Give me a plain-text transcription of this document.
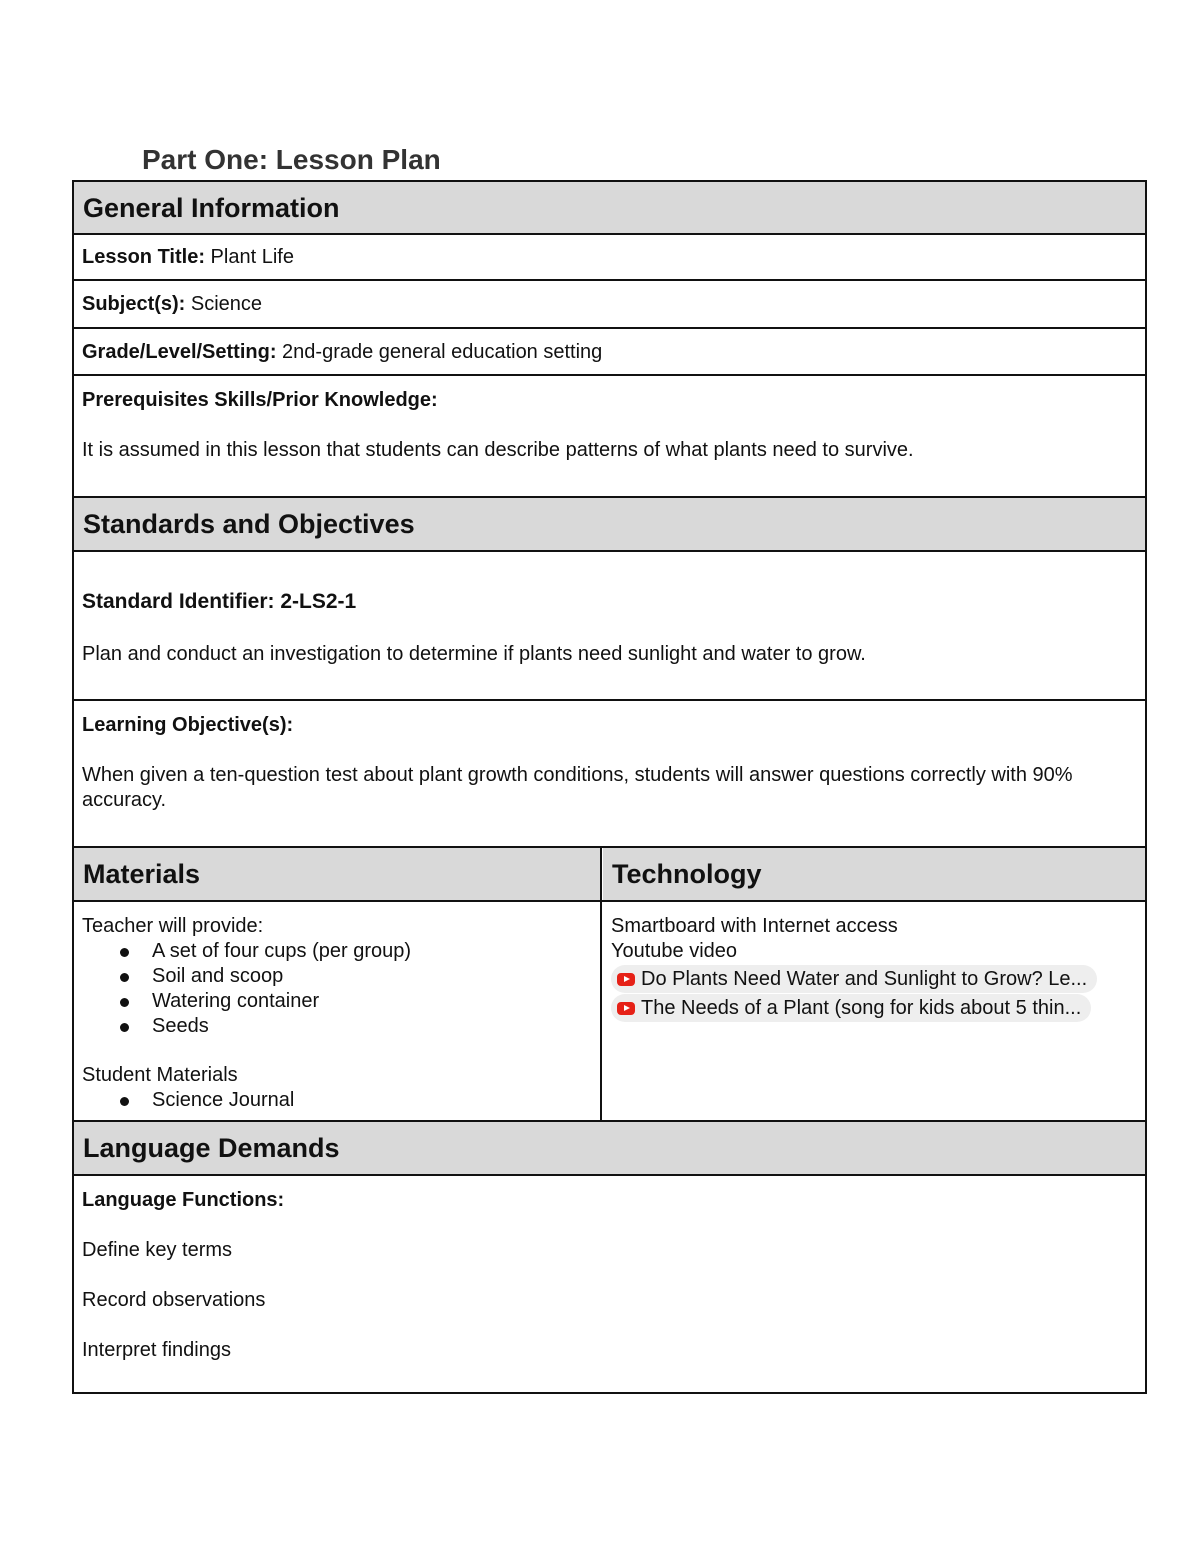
Part One: Lesson Plan
General Information
Lesson Title: Plant Life
Subject(s): Science
Grade/Level/Setting: 2nd-grade general education setting

Prerequisites Skills/Prior Knowledge:

It is assumed in this lesson that students can describe patterns of what plants need to survive.

Standards and Objectives

Standard Identifier: 2-LS2-1

Plan and conduct an investigation to determine if plants need sunlight and water to grow.

Learning Objective(s):

When given a ten-question test about plant growth conditions, students will answer questions correctly with 90% accuracy.

Materials	Technology

Teacher will provide:

A set of four cups (per group)
Soil and scoop
Watering container
Seeds

Student Materials

Science Journal

Smartboard with Internet access

Youtube video

Do Plants Need Water and Sunlight to Grow? Le...
The Needs of a Plant (song for kids about 5 thin...
Language Demands

Language Functions:

Define key terms

Record observations

Interpret findings
